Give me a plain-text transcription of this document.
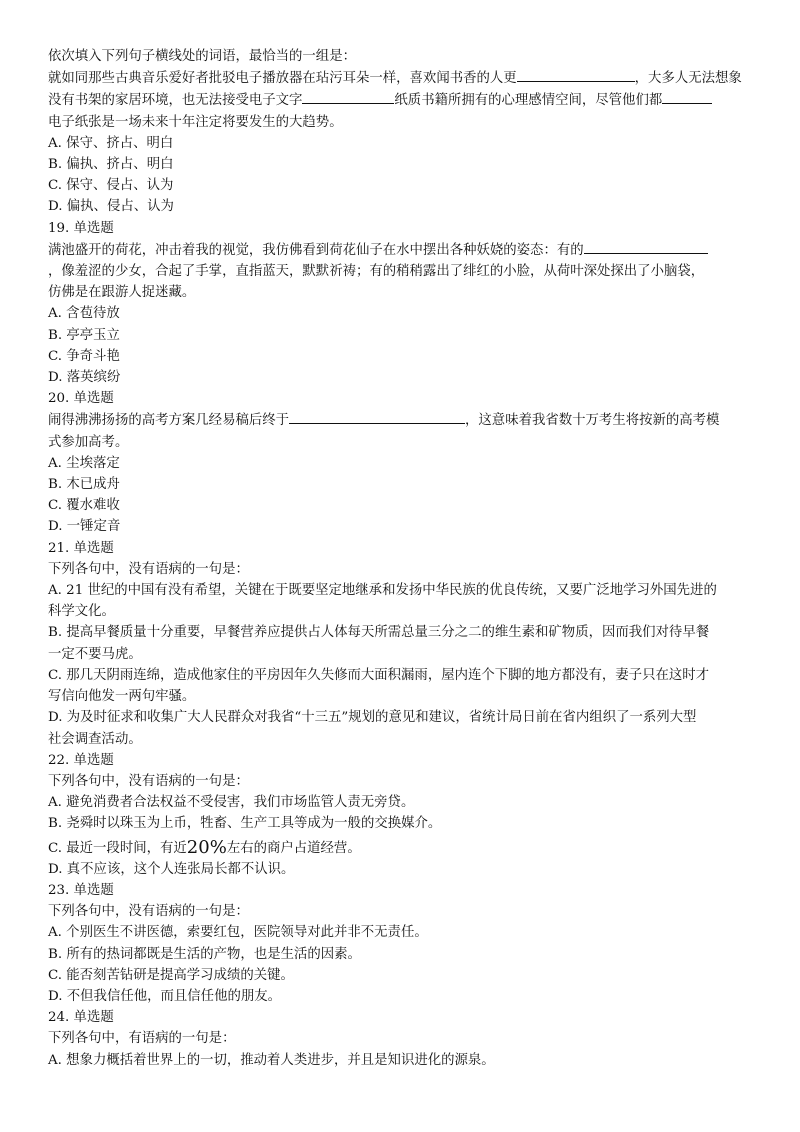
依次填入下列句子横线处的词语，最恰当的一组是：
就如同那些古典音乐爱好者批驳电子播放器在玷污耳朵一样，喜欢闻书香的人更	，大多人无法想象
没有书架的家居环境，也无法接受电子文字	纸质书籍所拥有的心理感情空间，尽管他们都
电子纸张是一场未来十年注定将要发生的大趋势。
A. 保守、挤占、明白
B. 偏执、挤占、明白
C. 保守、侵占、认为
D. 偏执、侵占、认为
19. 单选题
满池盛开的荷花，冲击着我的视觉，我仿佛看到荷花仙子在水中摆出各种妖娆的姿态：有的
，像羞涩的少女，合起了手掌，直指蓝天，默默祈祷；有的稍稍露出了绯红的小脸，从荷叶深处探出了小脑袋，
仿佛是在跟游人捉迷藏。
A. 含苞待放
B. 亭亭玉立
C. 争奇斗艳
D. 落英缤纷
20. 单选题
闹得沸沸扬扬的高考方案几经易稿后终于	，这意味着我省数十万考生将按新的高考模
式参加高考。
A. 尘埃落定
B. 木已成舟
C. 覆水难收
D. 一锤定音
21. 单选题
下列各句中，没有语病的一句是：
A. 21 世纪的中国有没有希望，关键在于既要坚定地继承和发扬中华民族的优良传统，又要广泛地学习外国先进的
科学文化。
B. 提高早餐质量十分重要，早餐营养应提供占人体每天所需总量三分之二的维生素和矿物质，因而我们对待早餐
一定不要马虎。
C. 那几天阴雨连绵，造成他家住的平房因年久失修而大面积漏雨，屋内连个下脚的地方都没有，妻子只在这时才
写信向他发一两句牢骚。
D. 为及时征求和收集广大人民群众对我省“十三五”规划的意见和建议，省统计局日前在省内组织了一系列大型
社会调查活动。
22. 单选题
下列各句中，没有语病的一句是：
A. 避免消费者合法权益不受侵害，我们市场监管人责无旁贷。
B. 尧舜时以珠玉为上币，牲畜、生产工具等成为一般的交换媒介。
C. 最近一段时间，有近20%左右的商户占道经营。
D. 真不应该，这个人连张局长都不认识。
23. 单选题
下列各句中，没有语病的一句是：
A. 个别医生不讲医德，索要红包，医院领导对此并非不无责任。
B. 所有的热词都既是生活的产物，也是生活的因素。
C. 能否刻苦钻研是提高学习成绩的关键。
D. 不但我信任他，而且信任他的朋友。
24. 单选题
下列各句中，有语病的一句是：
A. 想象力概括着世界上的一切，推动着人类进步，并且是知识进化的源泉。
